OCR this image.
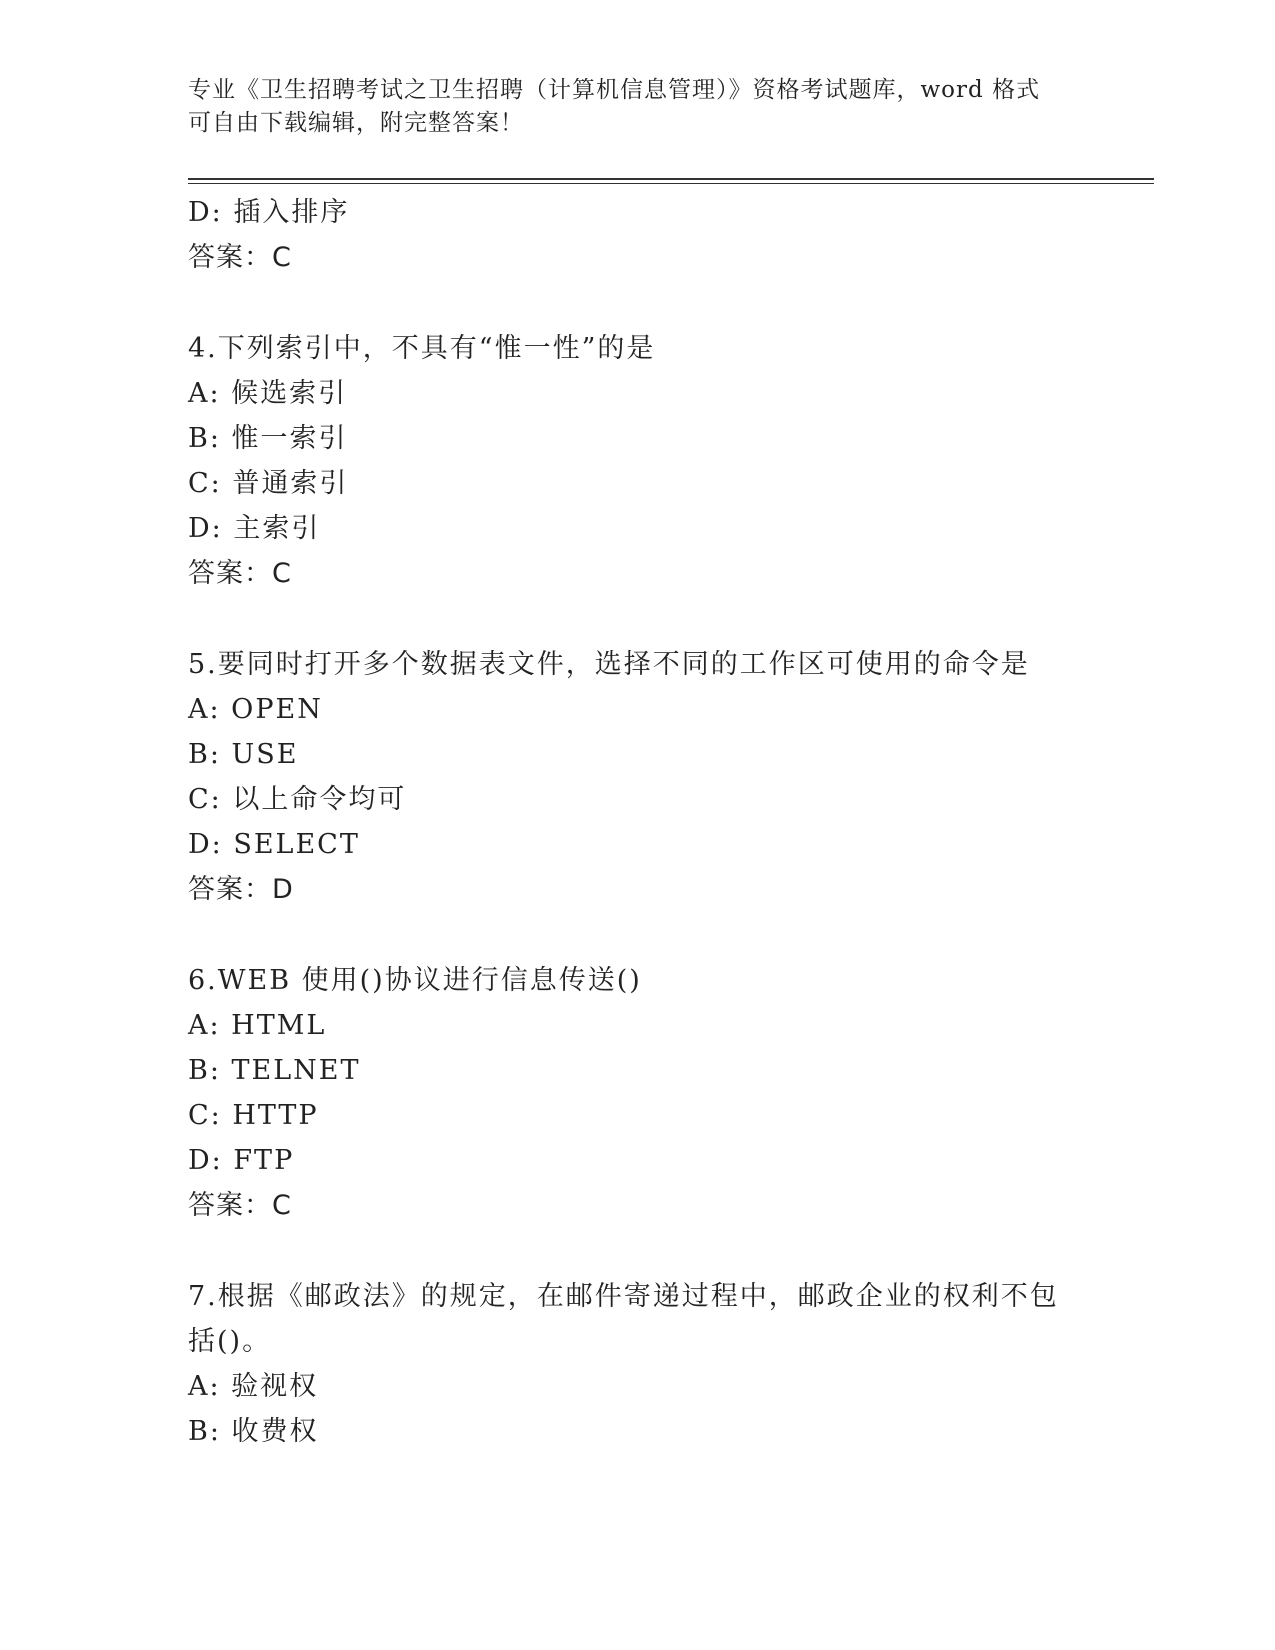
专业《卫生招聘考试之卫生招聘（计算机信息管理）》资格考试题库，word 格式
可自由下载编辑，附完整答案！
D: 插入排序
答案：C
4.下列索引中，不具有“惟一性”的是
A: 候选索引
B: 惟一索引
C: 普通索引
D: 主索引
答案：C
5.要同时打开多个数据表文件，选择不同的工作区可使用的命令是
A: OPEN
B: USE
C: 以上命令均可
D: SELECT
答案：D
6.WEB 使用()协议进行信息传送()
A: HTML
B: TELNET
C: HTTP
D: FTP
答案：C
7.根据《邮政法》的规定，在邮件寄递过程中，邮政企业的权利不包
括()。
A: 验视权
B: 收费权
